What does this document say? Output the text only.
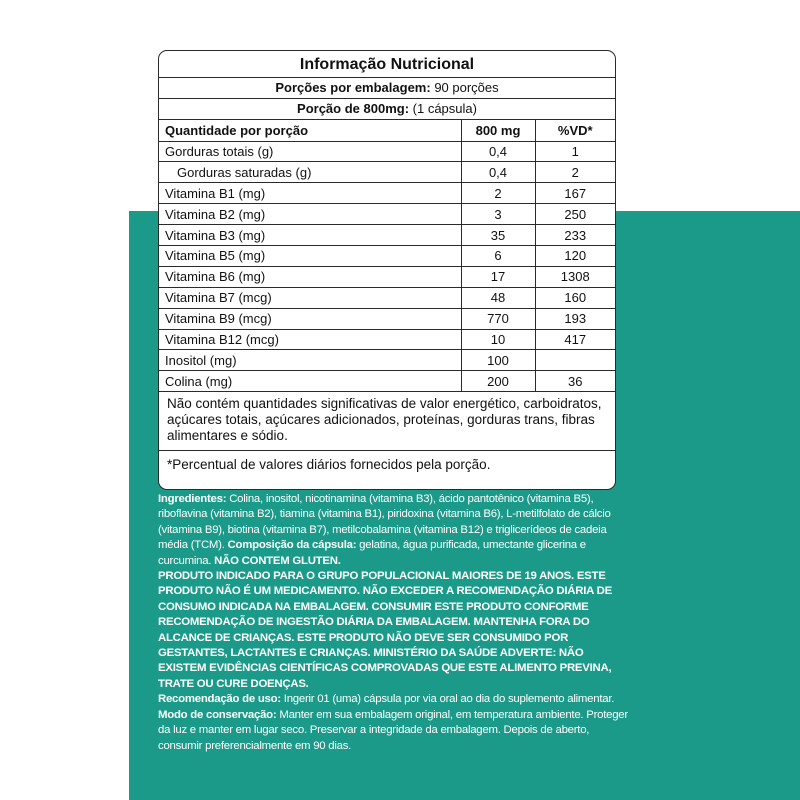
Informação Nutricional
Porções por embalagem: 90 porções
Porção de 800mg: (1 cápsula)
Quantidade por porção	800 mg	%VD*
Gorduras totais (g)	0,4	1
Gorduras saturadas (g)	0,4	2
Vitamina B1 (mg)	2	167
Vitamina B2 (mg)	3	250
Vitamina B3 (mg)	35	233
Vitamina B5 (mg)	6	120
Vitamina B6 (mg)	17	1308
Vitamina B7 (mcg)	48	160
Vitamina B9 (mcg)	770	193
Vitamina B12 (mcg)	10	417
Inositol (mg)	100	
Colina (mg)	200	36
Não contém quantidades significativas de valor energético, carboidratos, açúcares totais, açúcares adicionados, proteínas, gorduras trans, fibras alimentares e sódio.
*Percentual de valores diários fornecidos pela porção.

Ingredientes: Colina, inositol, nicotinamina (vitamina B3), ácido pantotênico (vitamina B5), riboflavina (vitamina B2), tiamina (vitamina B1), piridoxina (vitamina B6), L-metilfolato de cálcio (vitamina B9), biotina (vitamina B7), metilcobalamina (vitamina B12) e triglicerídeos de cadeia média (TCM). Composição da cápsula: gelatina, água purificada, umectante glicerina e curcumina. NÃO CONTEM GLUTEN.

PRODUTO INDICADO PARA O GRUPO POPULACIONAL MAIORES DE 19 ANOS. ESTE PRODUTO NÃO É UM MEDICAMENTO. NÃO EXCEDER A RECOMENDAÇÃO DIÁRIA DE CONSUMO INDICADA NA EMBALAGEM. CONSUMIR ESTE PRODUTO CONFORME RECOMENDAÇÃO DE INGESTÃO DIÁRIA DA EMBALAGEM. MANTENHA FORA DO ALCANCE DE CRIANÇAS. ESTE PRODUTO NÃO DEVE SER CONSUMIDO POR GESTANTES, LACTANTES E CRIANÇAS. MINISTÉRIO DA SAÚDE ADVERTE: NÃO EXISTEM EVIDÊNCIAS CIENTÍFICAS COMPROVADAS QUE ESTE ALIMENTO PREVINA, TRATE OU CURE DOENÇAS.

Recomendação de uso: Ingerir 01 (uma) cápsula por via oral ao dia do suplemento alimentar.

Modo de conservação: Manter em sua embalagem original, em temperatura ambiente. Proteger da luz e manter em lugar seco. Preservar a integridade da embalagem. Depois de aberto, consumir preferencialmente em 90 dias.
